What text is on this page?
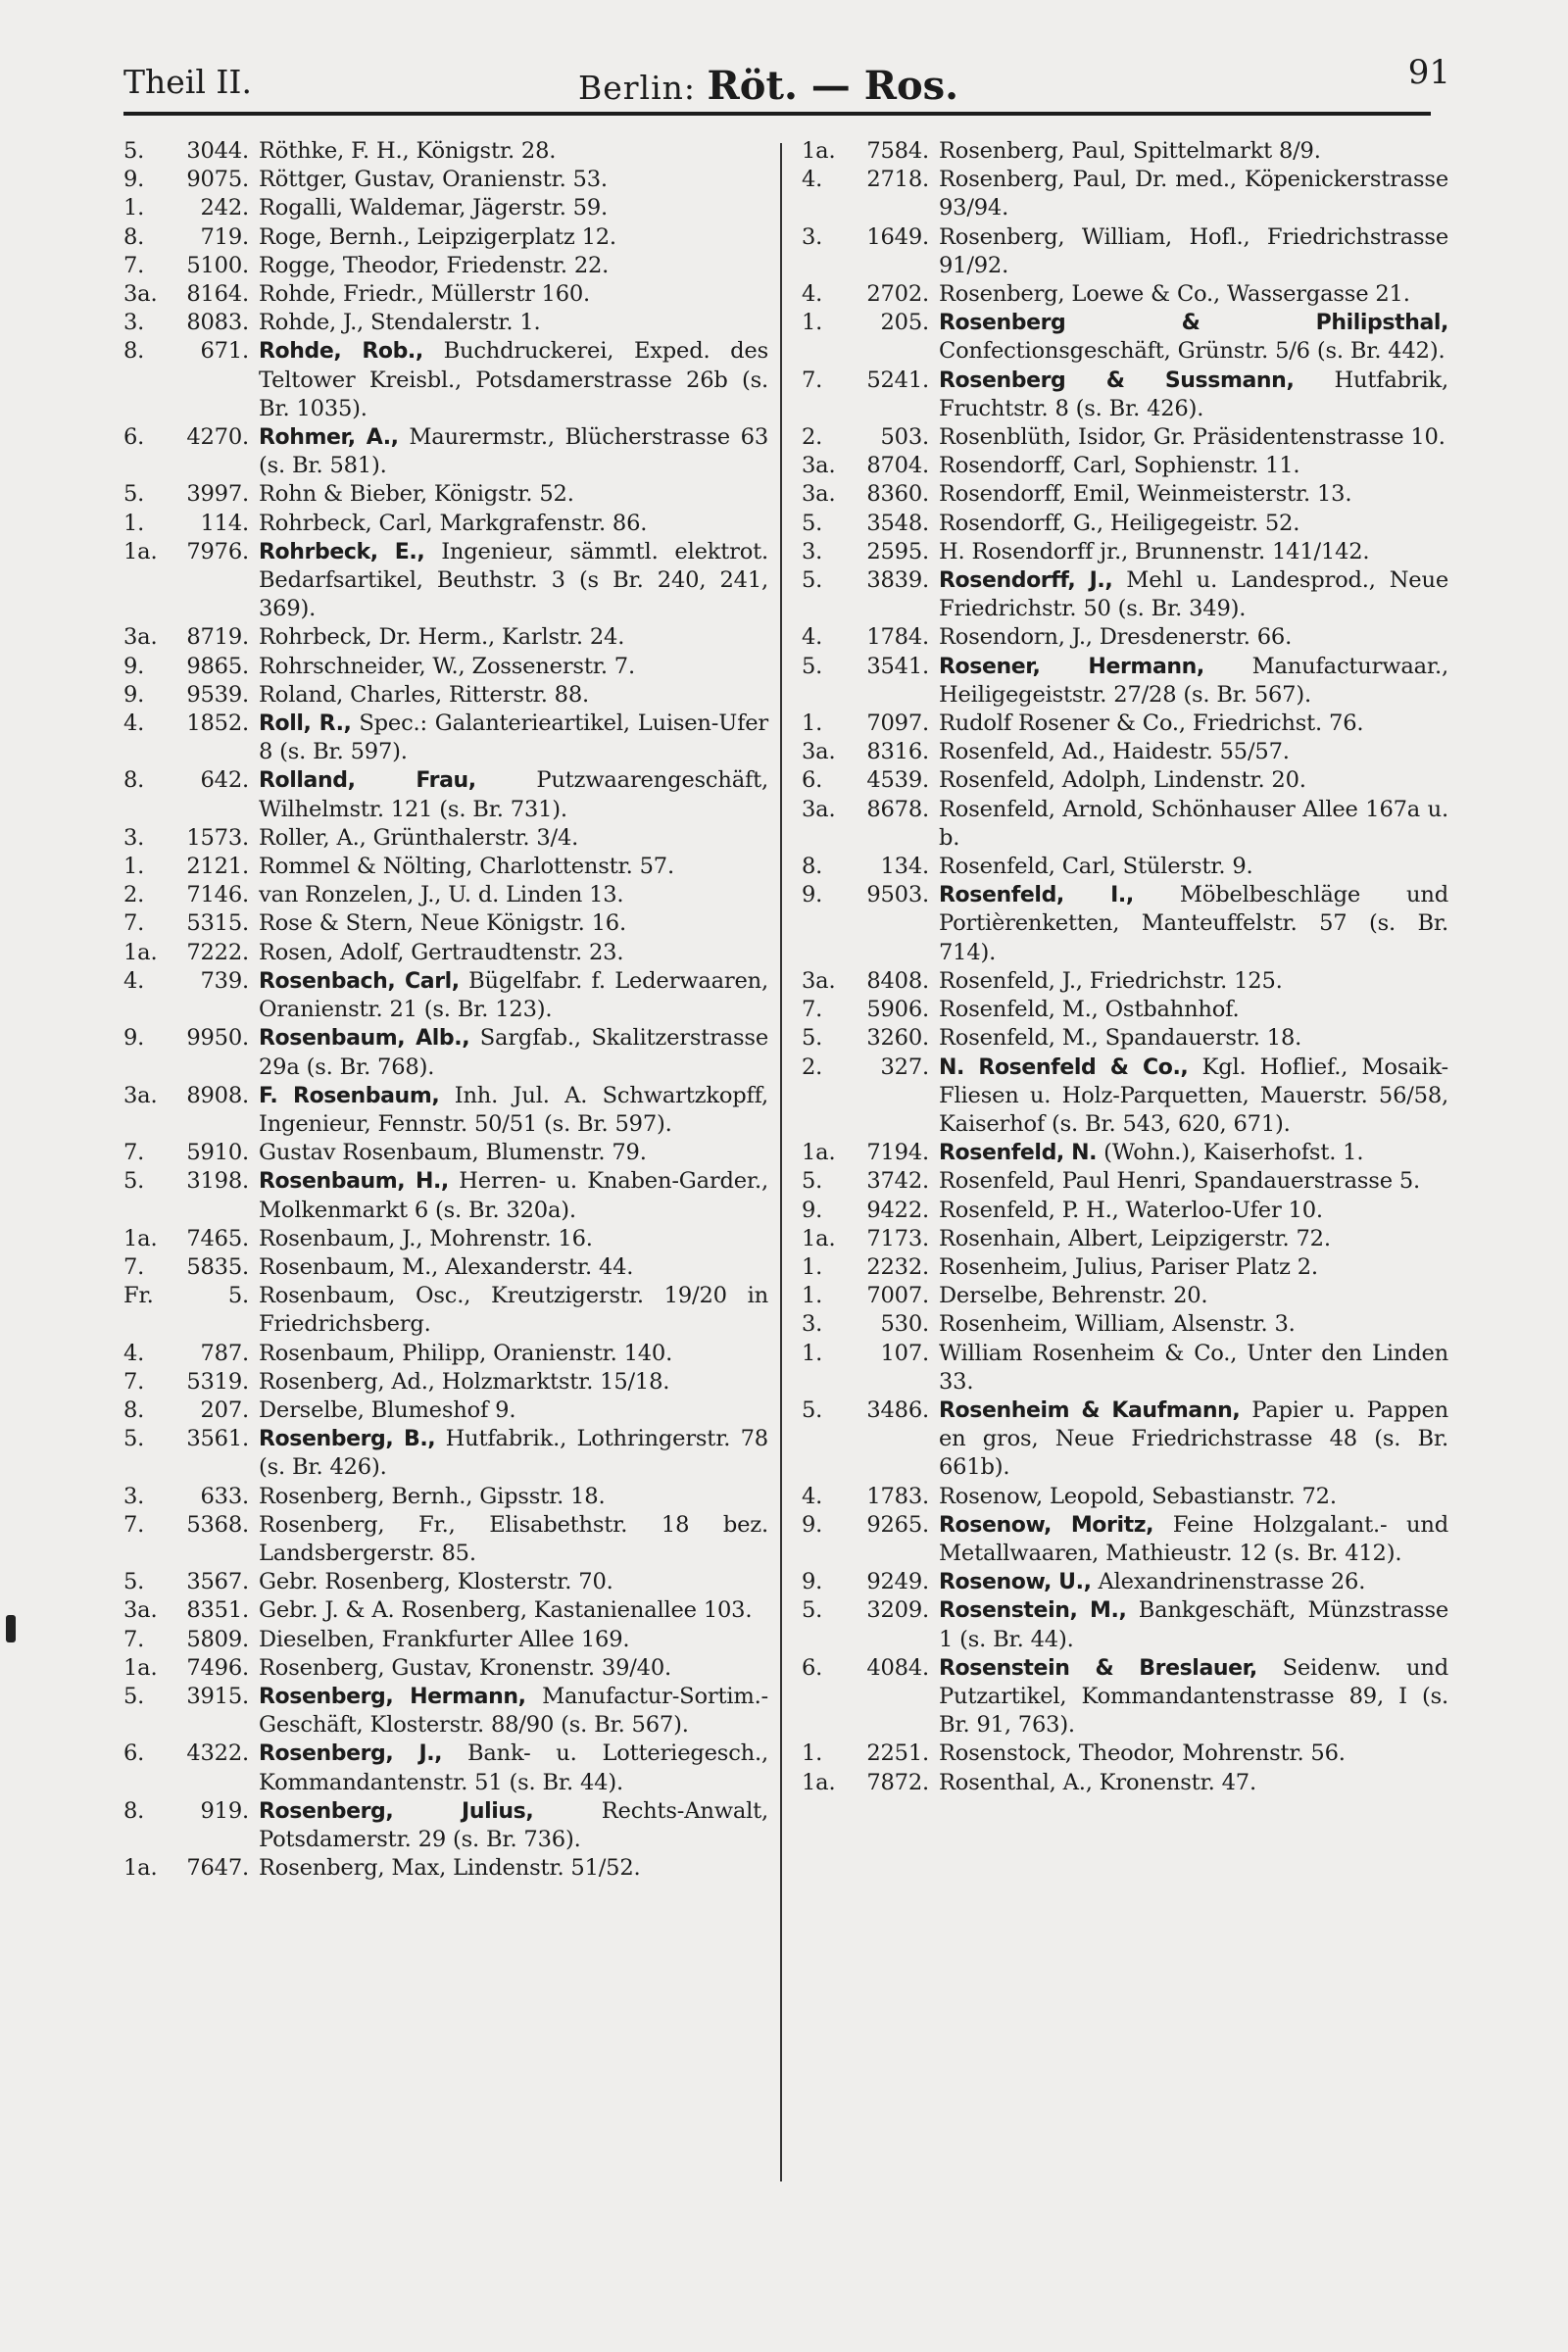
Theil II.	Berlin: Röt. — Ros.	91
5.	3044. Röthke, F. H., Königstr. 28.
9.	9075. Röttger, Gustav, Oranienstr. 53.
1.	242. Rogalli, Waldemar, Jägerstr. 59.
8.	719. Roge, Bernh., Leipzigerplatz 12.
7.	5100. Rogge, Theodor, Friedenstr. 22.
3a.	8164. Rohde, Friedr., Müllerstr 160.
3.	8083. Rohde, J., Stendalerstr. 1.
8.	671. Rohde, Rob., Buchdruckerei, Exped. des Teltower Kreisbl., Potsdamerstrasse 26b (s. Br. 1035).
6.	4270. Rohmer, A., Maurermstr., Blücherstrasse 63 (s. Br. 581).
5.	3997. Rohn & Bieber, Königstr. 52.
1.	114. Rohrbeck, Carl, Markgrafenstr. 86.
1a.	7976. Rohrbeck, E., Ingenieur, sämmtl. elektrot. Bedarfsartikel, Beuthstr. 3 (s Br. 240, 241, 369).
3a.	8719. Rohrbeck, Dr. Herm., Karlstr. 24.
9.	9865. Rohrschneider, W., Zossenerstr. 7.
9.	9539. Roland, Charles, Ritterstr. 88.
4.	1852. Roll, R., Spec.: Galanterieartikel, Luisen-Ufer 8 (s. Br. 597).
8.	642. Rolland, Frau, Putzwaarengeschäft, Wilhelmstr. 121 (s. Br. 731).
3.	1573. Roller, A., Grünthalerstr. 3/4.
1.	2121. Rommel & Nölting, Charlottenstr. 57.
2.	7146. van Ronzelen, J., U. d. Linden 13.
7.	5315. Rose & Stern, Neue Königstr. 16.
1a.	7222. Rosen, Adolf, Gertraudtenstr. 23.
4.	739. Rosenbach, Carl, Bügelfabr. f. Lederwaaren, Oranienstr. 21 (s. Br. 123).
9.	9950. Rosenbaum, Alb., Sargfab., Skalitzerstrasse 29a (s. Br. 768).
3a.	8908. F. Rosenbaum, Inh. Jul. A. Schwartzkopff, Ingenieur, Fennstr. 50/51 (s. Br. 597).
7.	5910. Gustav Rosenbaum, Blumenstr. 79.
5.	3198. Rosenbaum, H., Herren- u. Knaben-Garder., Molkenmarkt 6 (s. Br. 320a).
1a.	7465. Rosenbaum, J., Mohrenstr. 16.
7.	5835. Rosenbaum, M., Alexanderstr. 44.
Fr.	5. Rosenbaum, Osc., Kreutzigerstr. 19/20 in Friedrichsberg.
4.	787. Rosenbaum, Philipp, Oranienstr. 140.
7.	5319. Rosenberg, Ad., Holzmarktstr. 15/18.
8.	207. Derselbe, Blumeshof 9.
5.	3561. Rosenberg, B., Hutfabrik., Lothringerstr. 78 (s. Br. 426).
3.	633. Rosenberg, Bernh., Gipsstr. 18.
7.	5368. Rosenberg, Fr., Elisabethstr. 18 bez. Landsbergerstr. 85.
5.	3567. Gebr. Rosenberg, Klosterstr. 70.
3a.	8351. Gebr. J. & A. Rosenberg, Kastanienallee 103.
7.	5809. Dieselben, Frankfurter Allee 169.
1a.	7496. Rosenberg, Gustav, Kronenstr. 39/40.
5.	3915. Rosenberg, Hermann, Manufactur-Sortim.-Geschäft, Klosterstr. 88/90 (s. Br. 567).
6.	4322. Rosenberg, J., Bank- u. Lotteriegesch., Kommandantenstr. 51 (s. Br. 44).
8.	919. Rosenberg, Julius, Rechts-Anwalt, Potsdamerstr. 29 (s. Br. 736).
1a.	7647. Rosenberg, Max, Lindenstr. 51/52.
1a.	7584. Rosenberg, Paul, Spittelmarkt 8/9.
4.	2718. Rosenberg, Paul, Dr. med., Köpenickerstrasse 93/94.
3.	1649. Rosenberg, William, Hofl., Friedrichstrasse 91/92.
4.	2702. Rosenberg, Loewe & Co., Wassergasse 21.
1.	205. Rosenberg & Philipsthal, Confectionsgeschäft, Grünstr. 5/6 (s. Br. 442).
7.	5241. Rosenberg & Sussmann, Hutfabrik, Fruchtstr. 8 (s. Br. 426).
2.	503. Rosenblüth, Isidor, Gr. Präsidentenstrasse 10.
3a.	8704. Rosendorff, Carl, Sophienstr. 11.
3a.	8360. Rosendorff, Emil, Weinmeisterstr. 13.
5.	3548. Rosendorff, G., Heiligegeistr. 52.
3.	2595. H. Rosendorff jr., Brunnenstr. 141/142.
5.	3839. Rosendorff, J., Mehl u. Landesprod., Neue Friedrichstr. 50 (s. Br. 349).
4.	1784. Rosendorn, J., Dresdenerstr. 66.
5.	3541. Rosener, Hermann, Manufacturwaar., Heiligegeiststr. 27/28 (s. Br. 567).
1.	7097. Rudolf Rosener & Co., Friedrichst. 76.
3a.	8316. Rosenfeld, Ad., Haidestr. 55/57.
6.	4539. Rosenfeld, Adolph, Lindenstr. 20.
3a.	8678. Rosenfeld, Arnold, Schönhauser Allee 167a u. b.
8.	134. Rosenfeld, Carl, Stülerstr. 9.
9.	9503. Rosenfeld, I., Möbelbeschläge und Portièrenketten, Manteuffelstr. 57 (s. Br. 714).
3a.	8408. Rosenfeld, J., Friedrichstr. 125.
7.	5906. Rosenfeld, M., Ostbahnhof.
5.	3260. Rosenfeld, M., Spandauerstr. 18.
2.	327. N. Rosenfeld & Co., Kgl. Hoflief., Mosaik-Fliesen u. Holz-Parquetten, Mauerstr. 56/58, Kaiserhof (s. Br. 543, 620, 671).
1a.	7194. Rosenfeld, N. (Wohn.), Kaiserhofst. 1.
5.	3742. Rosenfeld, Paul Henri, Spandauerstrasse 5.
9.	9422. Rosenfeld, P. H., Waterloo-Ufer 10.
1a.	7173. Rosenhain, Albert, Leipzigerstr. 72.
1.	2232. Rosenheim, Julius, Pariser Platz 2.
1.	7007. Derselbe, Behrenstr. 20.
3.	530. Rosenheim, William, Alsenstr. 3.
1.	107. William Rosenheim & Co., Unter den Linden 33.
5.	3486. Rosenheim & Kaufmann, Papier u. Pappen en gros, Neue Friedrichstrasse 48 (s. Br. 661b).
4.	1783. Rosenow, Leopold, Sebastianstr. 72.
9.	9265. Rosenow, Moritz, Feine Holzgalant.- und Metallwaaren, Mathieustr. 12 (s. Br. 412).
9.	9249. Rosenow, U., Alexandrinenstrasse 26.
5.	3209. Rosenstein, M., Bankgeschäft, Münzstrasse 1 (s. Br. 44).
6.	4084. Rosenstein & Breslauer, Seidenw. und Putzartikel, Kommandantenstrasse 89, I (s. Br. 91, 763).
1.	2251. Rosenstock, Theodor, Mohrenstr. 56.
1a.	7872. Rosenthal, A., Kronenstr. 47.
